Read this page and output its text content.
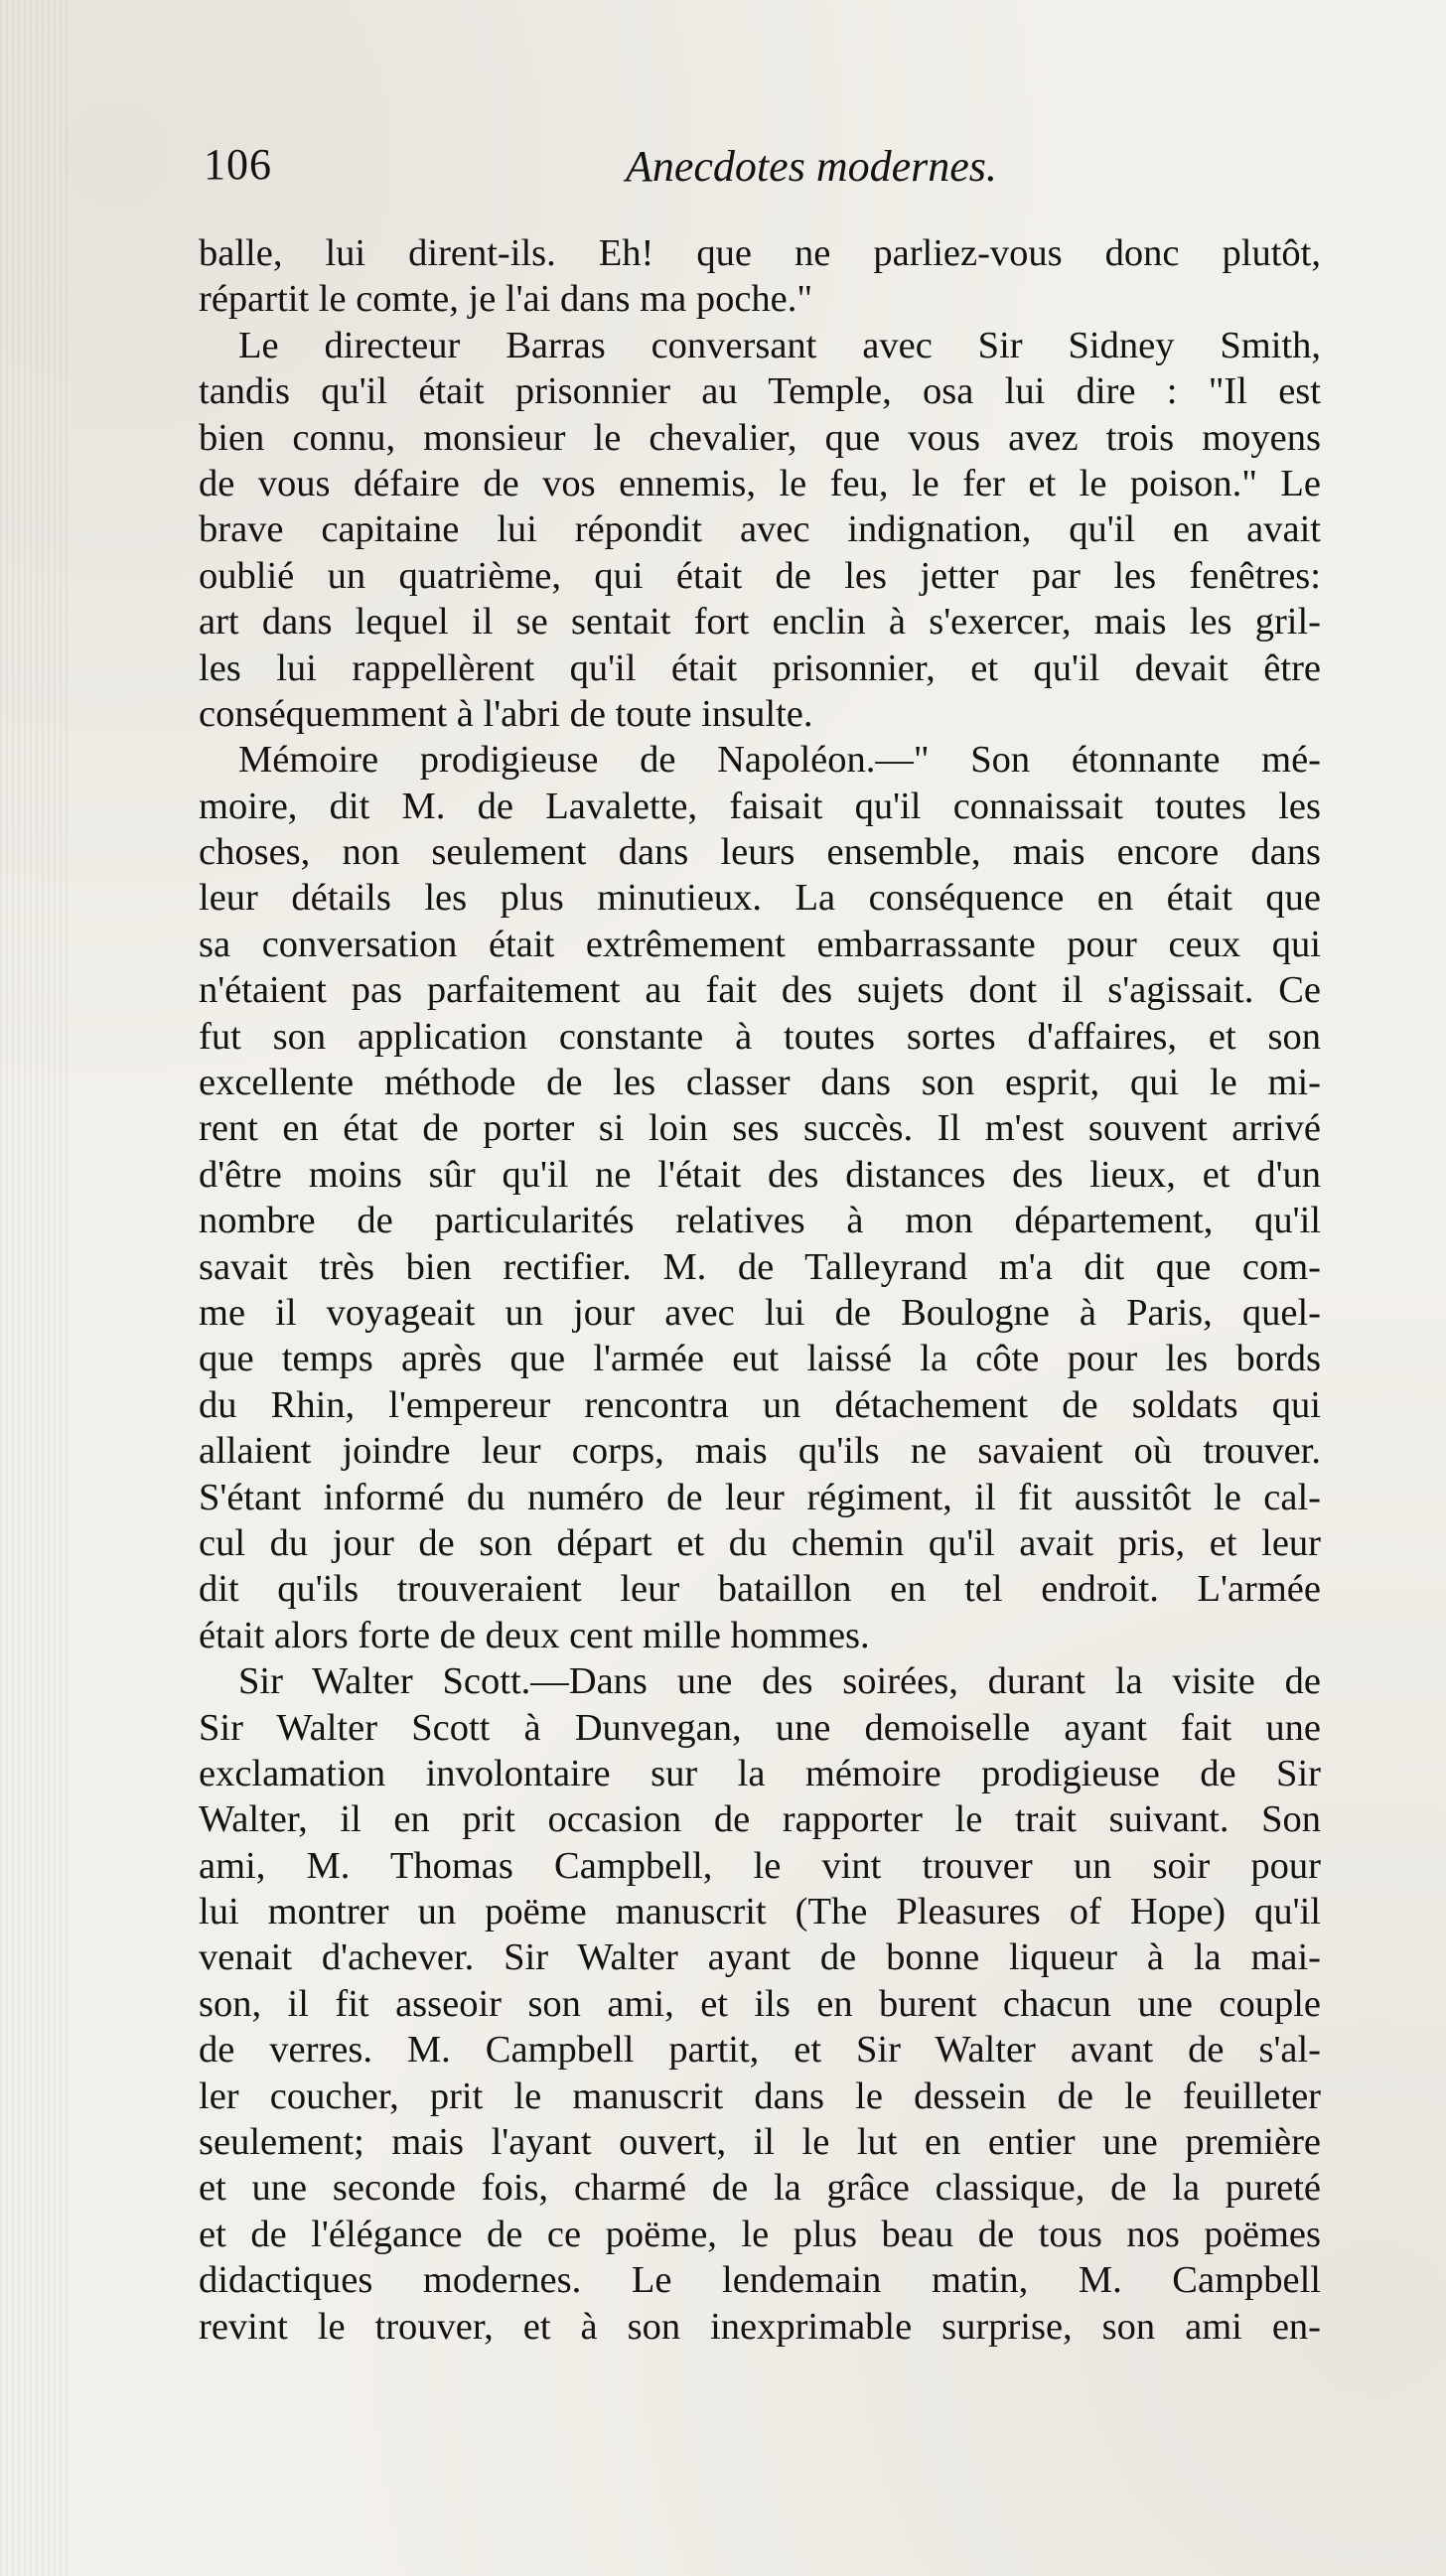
106	Anecdotes modernes.
balle, lui dirent-ils. Eh! que ne parliez-vous donc plutôt,
répartit le comte, je l'ai dans ma poche."
Le directeur Barras conversant avec Sir Sidney Smith,
tandis qu'il était prisonnier au Temple, osa lui dire : "Il est
bien connu, monsieur le chevalier, que vous avez trois moyens
de vous défaire de vos ennemis, le feu, le fer et le poison." Le
brave capitaine lui répondit avec indignation, qu'il en avait
oublié un quatrième, qui était de les jetter par les fenêtres:
art dans lequel il se sentait fort enclin à s'exercer, mais les gril-
les lui rappellèrent qu'il était prisonnier, et qu'il devait être
conséquemment à l'abri de toute insulte.
Mémoire prodigieuse de Napoléon.—" Son étonnante mé-
moire, dit M. de Lavalette, faisait qu'il connaissait toutes les
choses, non seulement dans leurs ensemble, mais encore dans
leur détails les plus minutieux. La conséquence en était que
sa conversation était extrêmement embarrassante pour ceux qui
n'étaient pas parfaitement au fait des sujets dont il s'agissait. Ce
fut son application constante à toutes sortes d'affaires, et son
excellente méthode de les classer dans son esprit, qui le mi-
rent en état de porter si loin ses succès. Il m'est souvent arrivé
d'être moins sûr qu'il ne l'était des distances des lieux, et d'un
nombre de particularités relatives à mon département, qu'il
savait très bien rectifier. M. de Talleyrand m'a dit que com-
me il voyageait un jour avec lui de Boulogne à Paris, quel-
que temps après que l'armée eut laissé la côte pour les bords
du Rhin, l'empereur rencontra un détachement de soldats qui
allaient joindre leur corps, mais qu'ils ne savaient où trouver.
S'étant informé du numéro de leur régiment, il fit aussitôt le cal-
cul du jour de son départ et du chemin qu'il avait pris, et leur
dit qu'ils trouveraient leur bataillon en tel endroit. L'armée
était alors forte de deux cent mille hommes.
Sir Walter Scott.—Dans une des soirées, durant la visite de
Sir Walter Scott à Dunvegan, une demoiselle ayant fait une
exclamation involontaire sur la mémoire prodigieuse de Sir
Walter, il en prit occasion de rapporter le trait suivant. Son
ami, M. Thomas Campbell, le vint trouver un soir pour
lui montrer un poëme manuscrit (The Pleasures of Hope) qu'il
venait d'achever. Sir Walter ayant de bonne liqueur à la mai-
son, il fit asseoir son ami, et ils en burent chacun une couple
de verres. M. Campbell partit, et Sir Walter avant de s'al-
ler coucher, prit le manuscrit dans le dessein de le feuilleter
seulement; mais l'ayant ouvert, il le lut en entier une première
et une seconde fois, charmé de la grâce classique, de la pureté
et de l'élégance de ce poëme, le plus beau de tous nos poëmes
didactiques modernes. Le lendemain matin, M. Campbell
revint le trouver, et à son inexprimable surprise, son ami en-
